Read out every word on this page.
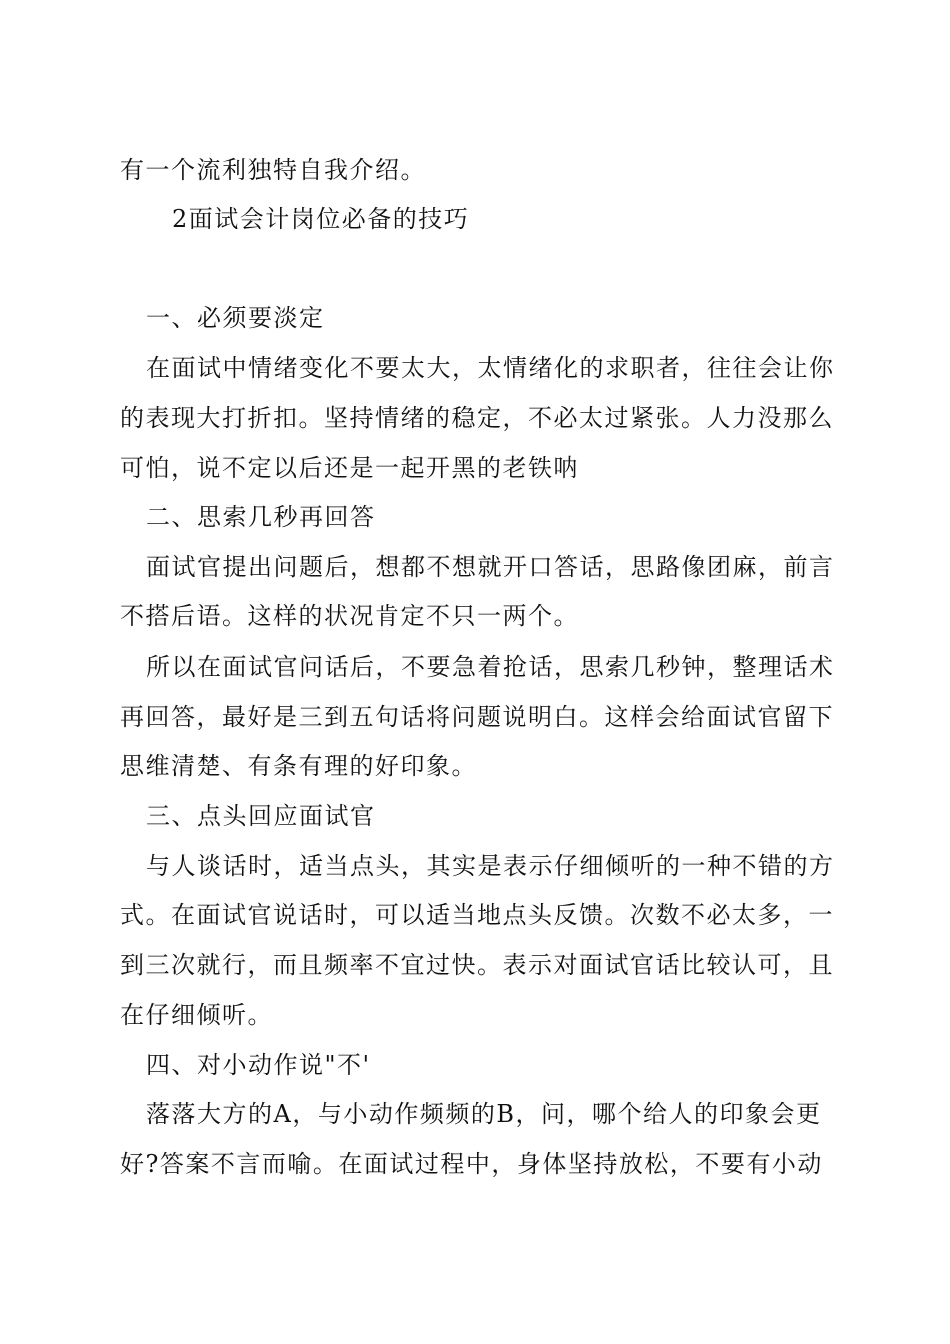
有一个流利独特自我介绍。
2面试会计岗位必备的技巧
一、必须要淡定
在面试中情绪变化不要太大，太情绪化的求职者，往往会让你
的表现大打折扣。坚持情绪的稳定，不必太过紧张。人力没那么
可怕，说不定以后还是一起开黑的老铁呐
二、思索几秒再回答
面试官提出问题后，想都不想就开口答话，思路像团麻，前言
不搭后语。这样的状况肯定不只一两个。
所以在面试官问话后，不要急着抢话，思索几秒钟，整理话术
再回答，最好是三到五句话将问题说明白。这样会给面试官留下
思维清楚、有条有理的好印象。
三、点头回应面试官
与人谈话时，适当点头，其实是表示仔细倾听的一种不错的方
式。在面试官说话时，可以适当地点头反馈。次数不必太多，一
到三次就行，而且频率不宜过快。表示对面试官话比较认可，且
在仔细倾听。
四、对小动作说"不'
落落大方的A，与小动作频频的B，问，哪个给人的印象会更
好?答案不言而喻。在面试过程中，身体坚持放松，不要有小动
